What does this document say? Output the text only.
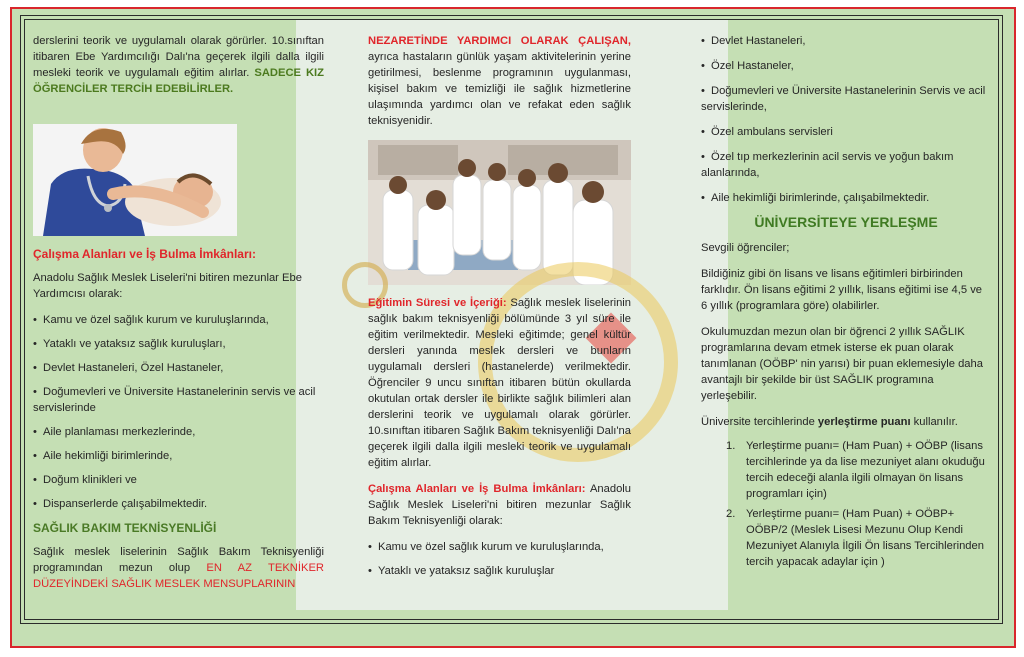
derslerini teorik ve uygulamalı olarak görürler. 10.sınıftan itibaren Ebe Yardımcılığı Dalı'na geçerek ilgili dalla ilgili mesleki teorik ve uygulamalı eğitim alırlar. SADECE KIZ ÖĞRENCİLER TERCİH EDEBİLİRLER.

Çalışma Alanları ve İş Bulma İmkânları:

Anadolu Sağlık Meslek Liseleri'ni bitiren mezunlar Ebe Yardımcısı olarak:

• Kamu ve özel sağlık kurum ve kuruluşlarında,
• Yataklı ve yataksız sağlık kuruluşları,
• Devlet Hastaneleri, Özel Hastaneler,
• Doğumevleri ve Üniversite Hastanelerinin servis ve acil servislerinde
• Aile planlaması merkezlerinde,
• Aile hekimliği birimlerinde,
• Doğum klinikleri ve
• Dispanserlerde çalışabilmektedir.
SAĞLIK BAKIM TEKNİSYENLİĞİ

Sağlık meslek liselerinin Sağlık Bakım Teknisyenliği programından mezun olup EN AZ TEKNİKER DÜZEYİNDEKİ SAĞLIK MESLEK MENSUPLARININ

NEZARETİNDE YARDIMCI OLARAK ÇALIŞAN, ayrıca hastaların günlük yaşam aktivitelerinin yerine getirilmesi, beslenme programının uygulanması, kişisel bakım ve temizliği ile sağlık hizmetlerine ulaşımında yardımcı olan ve refakat eden sağlık teknisyenidir.

Eğitimin Süresi ve İçeriği: Sağlık meslek liselerinin sağlık bakım teknisyenliği bölümünde 3 yıl süre ile eğitim verilmektedir. Mesleki eğitimde; genel kültür dersleri yanında meslek dersleri ve bunların uygulamalı dersleri (hastanelerde) verilmektedir. Öğrenciler 9 uncu sınıftan itibaren bütün okullarda okutulan ortak dersler ile birlikte sağlık bilimleri alan derslerini teorik ve uygulamalı olarak görürler. 10.sınıftan itibaren Sağlık Bakım teknisyenliği Dalı'na geçerek ilgili dalla ilgili mesleki teorik ve uygulamalı eğitim alırlar.

Çalışma Alanları ve İş Bulma İmkânları: Anadolu Sağlık Meslek Liseleri'ni bitiren mezunlar Sağlık Bakım Teknisyenliği olarak:

• Kamu ve özel sağlık kurum ve kuruluşlarında,
• Yataklı ve yataksız sağlık kuruluşlar
• Devlet Hastaneleri,
• Özel Hastaneler,
• Doğumevleri ve Üniversite Hastanelerinin Servis ve acil servislerinde,
• Özel ambulans servisleri
• Özel tıp merkezlerinin acil servis ve yoğun bakım alanlarında,
• Aile hekimliği birimlerinde, çalışabilmektedir.
ÜNİVERSİTEYE YERLEŞME

Sevgili öğrenciler;

Bildiğiniz gibi ön lisans ve lisans eğitimleri birbirinden farklıdır. Ön lisans eğitimi 2 yıllık, lisans eğitimi ise 4,5 ve 6 yıllık (programlara göre) olabilirler.

Okulumuzdan mezun olan bir öğrenci 2 yıllık SAĞLIK programlarına devam etmek isterse ek puan olarak tanımlanan (OÖBP' nin yarısı) bir puan eklemesiyle daha avantajlı bir şekilde bir üst SAĞLIK programına yerleşebilir.

Üniversite tercihlerinde yerleştirme puanı kullanılır.

1. Yerleştirme puanı= (Ham Puan) + OÖBP (lisans tercihlerinde ya da lise mezuniyet alanı okuduğu tercih edeceği alanla ilgili olmayan ön lisans programları için)
2. Yerleştirme puanı= (Ham Puan) + OÖBP+ OÖBP/2 (Meslek Lisesi Mezunu Olup Kendi Mezuniyet Alanıyla İlgili Ön lisans Tercihlerinden tercih yapacak adaylar için )
